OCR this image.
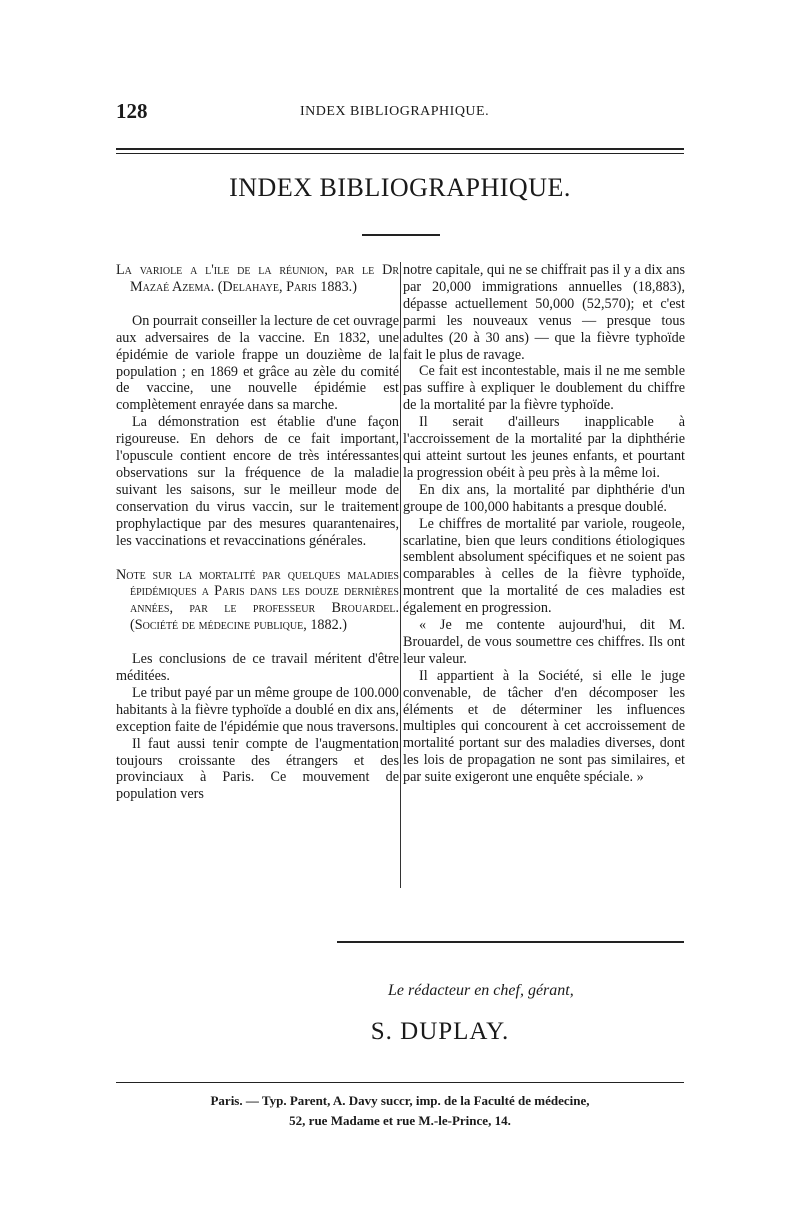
128	INDEX BIBLIOGRAPHIQUE.
INDEX BIBLIOGRAPHIQUE.

La variole a l'ile de la réunion, par le Dr Mazaé Azema. (Delahaye, Paris 1883.)

On pourrait conseiller la lecture de cet ouvrage aux adversaires de la vaccine. En 1832, une épidémie de variole frappe un douzième de la population ; en 1869 et grâce au zèle du comité de vaccine, une nouvelle épidémie est complètement enrayée dans sa marche.

La démonstration est établie d'une façon rigoureuse. En dehors de ce fait important, l'opuscule contient encore de très intéressantes observations sur la fréquence de la maladie suivant les saisons, sur le meilleur mode de conservation du virus vaccin, sur le traitement prophylactique par des mesures quarantenaires, les vaccinations et revaccinations générales.

Note sur la mortalité par quelques maladies épidémiques a Paris dans les douze dernières années, par le professeur Brouardel. (Société de médecine publique, 1882.)

Les conclusions de ce travail méritent d'être méditées.

Le tribut payé par un même groupe de 100.000 habitants à la fièvre typhoïde a doublé en dix ans, exception faite de l'épidémie que nous traversons.

Il faut aussi tenir compte de l'augmentation toujours croissante des étrangers et des provinciaux à Paris. Ce mouvement de population vers

notre capitale, qui ne se chiffrait pas il y a dix ans par 20,000 immigrations annuelles (18,883), dépasse actuellement 50,000 (52,570); et c'est parmi les nouveaux venus — presque tous adultes (20 à 30 ans) — que la fièvre typhoïde fait le plus de ravage.

Ce fait est incontestable, mais il ne me semble pas suffire à expliquer le doublement du chiffre de la mortalité par la fièvre typhoïde.

Il serait d'ailleurs inapplicable à l'accroissement de la mortalité par la diphthérie qui atteint surtout les jeunes enfants, et pourtant la progression obéit à peu près à la même loi.

En dix ans, la mortalité par diphthérie d'un groupe de 100,000 habitants a presque doublé.

Le chiffres de mortalité par variole, rougeole, scarlatine, bien que leurs conditions étiologiques semblent absolument spécifiques et ne soient pas comparables à celles de la fièvre typhoïde, montrent que la mortalité de ces maladies est également en progression.

« Je me contente aujourd'hui, dit M. Brouardel, de vous soumettre ces chiffres. Ils ont leur valeur.

Il appartient à la Société, si elle le juge convenable, de tâcher d'en décomposer les éléments et de déterminer les influences multiples qui concourent à cet accroissement de mortalité portant sur des maladies diverses, dont les lois de propagation ne sont pas similaires, et par suite exigeront une enquête spéciale. »

Le rédacteur en chef, gérant,
S. DUPLAY.
Paris. — Typ. Parent, A. Davy succr, imp. de la Faculté de médecine,
52, rue Madame et rue M.-le-Prince, 14.
